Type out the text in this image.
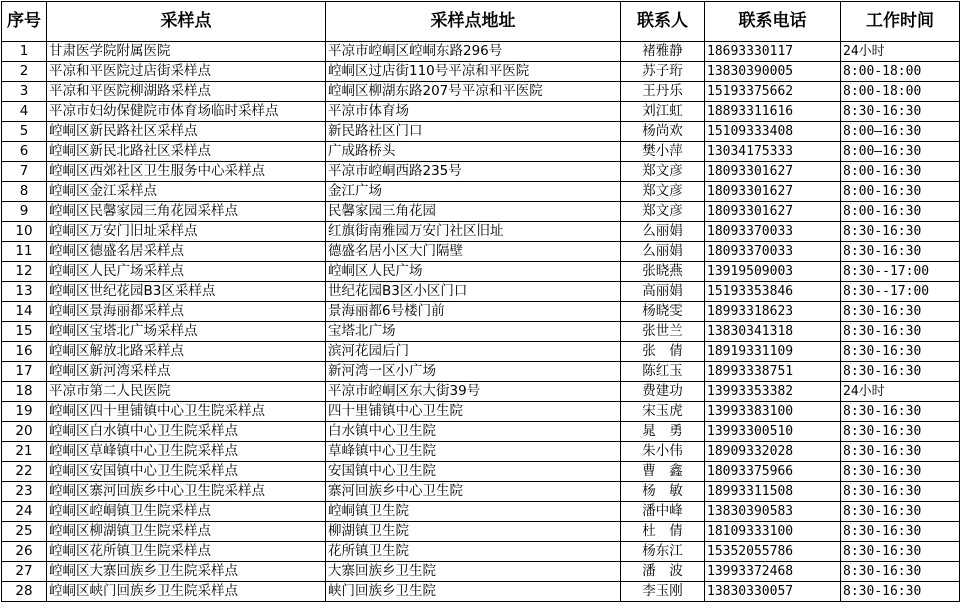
序号	采样点	采样点地址	联系人	联系电话	工作时间
1	甘肃医学院附属医院	平凉市崆峒区崆峒东路296号	褚雅静	18693330117	24小时
2	平凉和平医院过店街采样点	崆峒区过店街110号平凉和平医院	苏子珩	13830390005	8:00-18:00
3	平凉和平医院柳湖路采样点	崆峒区柳湖东路207号平凉和平医院	王丹乐	15193375662	8:00-18:00
4	平凉市妇幼保健院市体育场临时采样点	平凉市体育场	刘江虹	18893311616	8:30-16:30
5	崆峒区新民路社区采样点	新民路社区门口	杨尚欢	15109333408	8:00—16:30
6	崆峒区新民北路社区采样点	广成路桥头	樊小萍	13034175333	8:00—16:30
7	崆峒区西郊社区卫生服务中心采样点	平凉市崆峒西路235号	郑文彦	18093301627	8:00-16:30
8	崆峒区金江采样点	金江广场	郑文彦	18093301627	8:00-16:30
9	崆峒区民馨家园三角花园采样点	民馨家园三角花园	郑文彦	18093301627	8:00-16:30
10	崆峒区万安门旧址采样点	红旗街南雅园万安门社区旧址	么丽娟	18093370033	8:30-16:30
11	崆峒区德盛名居采样点	德盛名居小区大门隔壁	么丽娟	18093370033	8:30-16:30
12	崆峒区人民广场采样点	崆峒区人民广场	张晓燕	13919509003	8:30--17:00
13	崆峒区世纪花园B3区采样点	世纪花园B3区小区门口	高丽娟	15193353846	8:30--17:00
14	崆峒区景海丽都采样点	景海丽都6号楼门前	杨晓雯	18993318623	8:30-16:30
15	崆峒区宝塔北广场采样点	宝塔北广场	张世兰	13830341318	8:30-16:30
16	崆峒区解放北路采样点	滨河花园后门	张　倩	18919331109	8:30-16:30
17	崆峒区新河湾采样点	新河湾一区小广场	陈红玉	18993338751	8:30-16:30
18	平凉市第二人民医院	平凉市崆峒区东大街39号	费建功	13993353382	24小时
19	崆峒区四十里铺镇中心卫生院采样点	四十里铺镇中心卫生院	宋玉虎	13993383100	8:30-16:30
20	崆峒区白水镇中心卫生院采样点	白水镇中心卫生院	晁　勇	13993300510	8:30-16:30
21	崆峒区草峰镇中心卫生院采样点	草峰镇中心卫生院	朱小伟	18909332028	8:30-16:30
22	崆峒区安国镇中心卫生院采样点	安国镇中心卫生院	曹　鑫	18093375966	8:30-16:30
23	崆峒区寨河回族乡中心卫生院采样点	寨河回族乡中心卫生院	杨　敏	18993311508	8:30-16:30
24	崆峒区崆峒镇卫生院采样点	崆峒镇卫生院	潘中峰	13830390583	8:30-16:30
25	崆峒区柳湖镇卫生院采样点	柳湖镇卫生院	杜　倩	18109333100	8:30-16:30
26	崆峒区花所镇卫生院采样点	花所镇卫生院	杨东江	15352055786	8:30-16:30
27	崆峒区大寨回族乡卫生院采样点	大寨回族乡卫生院	潘　波	13993372468	8:30-16:30
28	崆峒区峡门回族乡卫生院采样点	峡门回族乡卫生院	李玉刚	13830330057	8:30-16:30
